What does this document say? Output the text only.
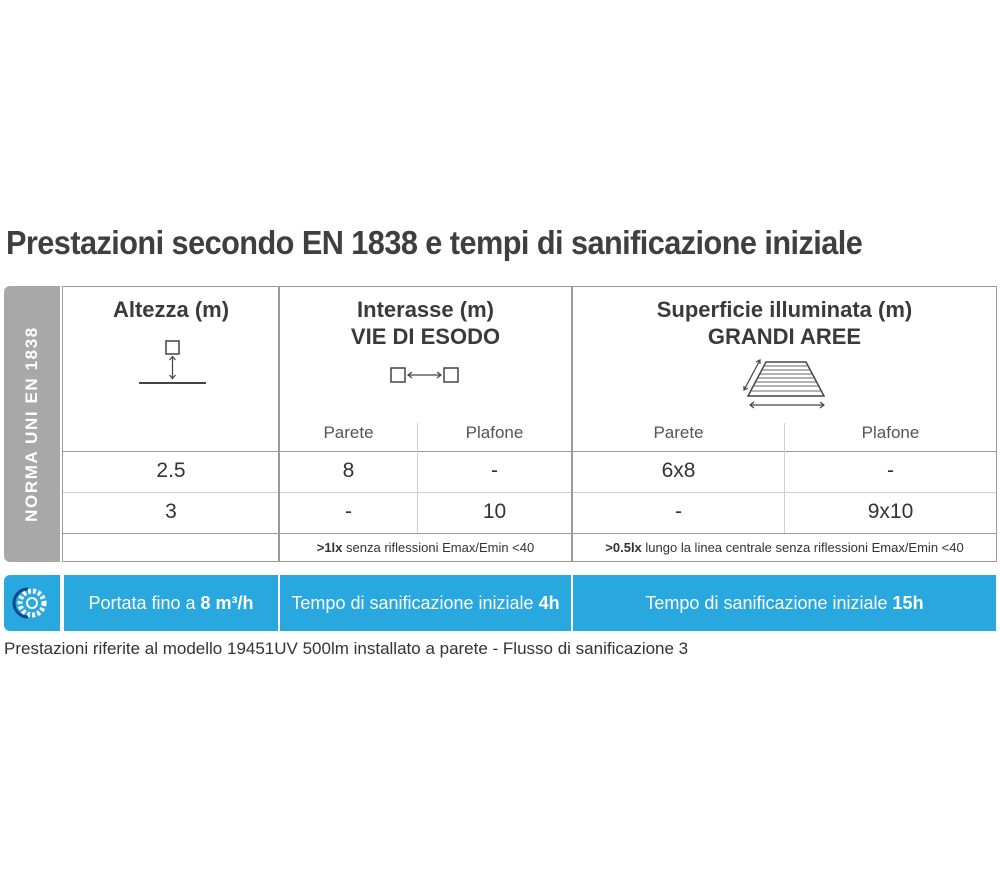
Prestazioni secondo EN 1838 e tempi di sanificazione iniziale
NORMA UNI EN 1838
Altezza (m)	Interasse (m)
VIE DI ESODO
Superficie illuminata (m)
GRANDI AREE
Parete	Plafone	Parete	Plafone
2.5	8	-	6x8	-
3	-	10	-	9x10
>1lx senza riflessioni Emax/Emin <40	>0.5lx lungo la linea centrale senza riflessioni Emax/Emin <40
Portata fino a 8 m³/h	Tempo di sanificazione iniziale 4h	Tempo di sanificazione iniziale 15h
Prestazioni riferite al modello 19451UV 500lm installato a parete - Flusso di sanificazione 3
